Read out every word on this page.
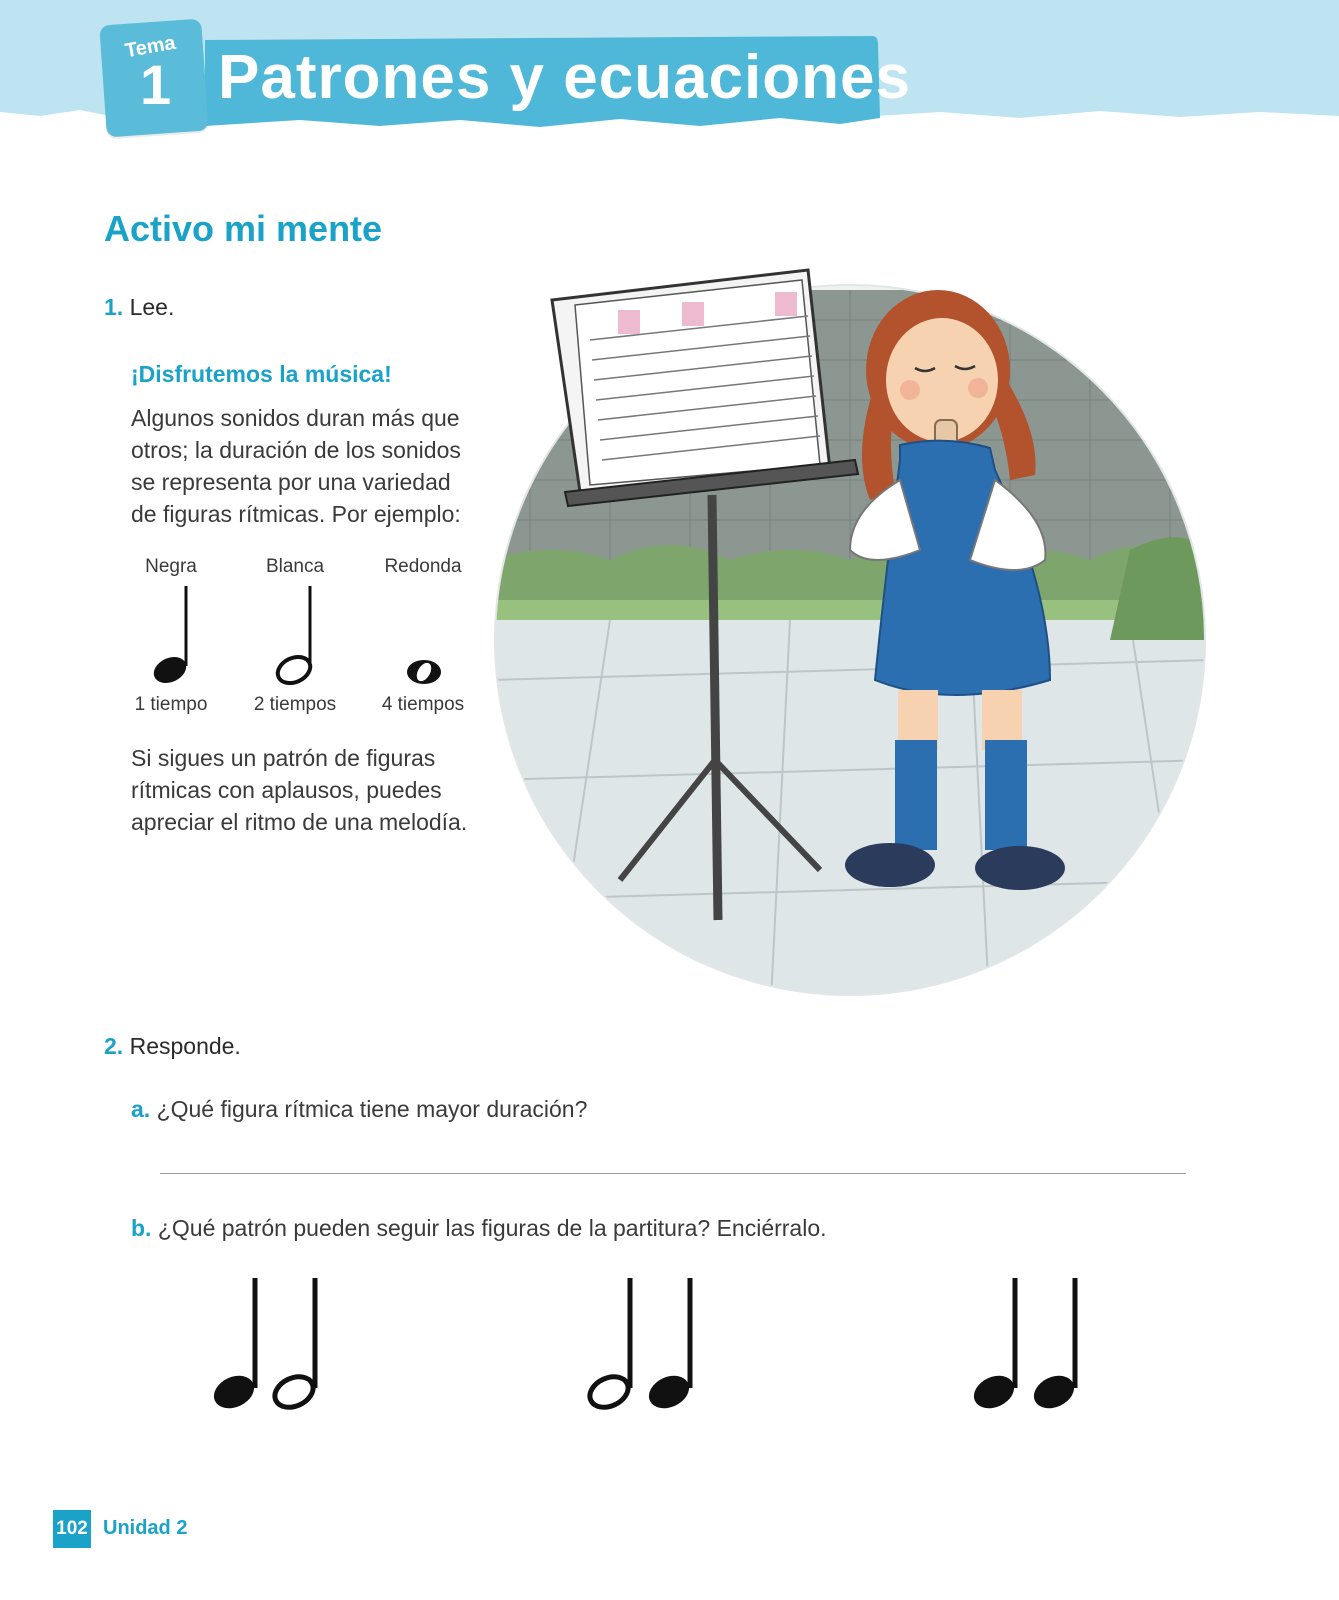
Tema
1 Patrones y ecuaciones
Activo mi mente
1. Lee.
¡Disfrutemos la música!
Algunos sonidos duran más que otros; la duración de los sonidos se representa por una variedad de figuras rítmicas. Por ejemplo:
Negra	Blanca	Redonda
1 tiempo	2 tiempos	4 tiempos
Si sigues un patrón de figuras rítmicas con aplausos, puedes apreciar el ritmo de una melodía.
2. Responde.
a. ¿Qué figura rítmica tiene mayor duración?
b. ¿Qué patrón pueden seguir las figuras de la partitura? Enciérralo.
102 Unidad 2
